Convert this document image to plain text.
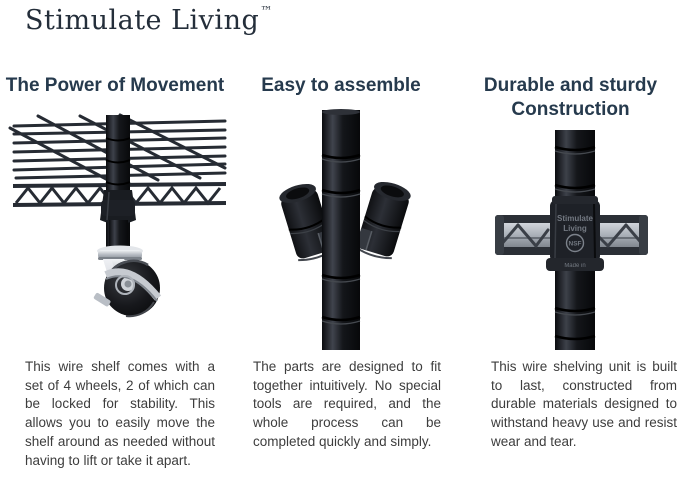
Stimulate Living™
The Power of Movement

This wire shelf comes with a set of 4 wheels, 2 of which can be locked for stability. This allows you to easily move the shelf around as needed without having to lift or take it apart.

Easy to assemble

The parts are designed to fit together intuitively. No special tools are required, and the whole process can be completed quickly and simply.

Durable and sturdy Construction
Stimulate
Living
NSF
Made in

This wire shelving unit is built to last, constructed from durable materials designed to withstand heavy use and resist wear and tear.
